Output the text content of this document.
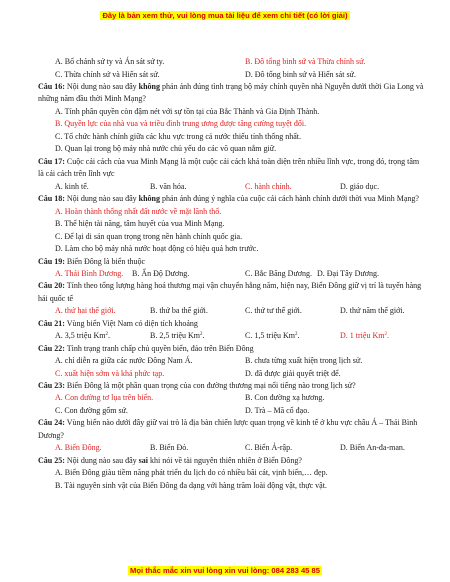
Đây là bản xem thử, vui lòng mua tài liệu để xem chi tiết (có lời giải)
A. Bổ chánh sứ ty và Án sát sứ ty.	B. Đô tổng binh sứ và Thừa chính sứ.
C. Thừa chính sứ và Hiến sát sứ.	D. Đô tổng binh sứ và Hiến sát sứ.
Câu 16: Nội dung nào sau đây không phản ánh đúng tình trạng bộ máy chính quyền nhà Nguyễn dưới thời Gia Long và những năm đầu thời Minh Mạng?
A. Tính phân quyền còn đậm nét với sự tồn tại của Bắc Thành và Gia Định Thành.
B. Quyền lực của nhà vua và triều đình trung ương được tăng cường tuyệt đối.
C. Tổ chức hành chính giữa các khu vực trong cả nước thiếu tính thống nhất.
D. Quan lại trong bộ máy nhà nước chủ yếu do các võ quan nắm giữ.
Câu 17: Cuộc cải cách của vua Minh Mạng là một cuộc cải cách khá toàn diện trên nhiều lĩnh vực, trong đó, trọng tâm là cải cách trên lĩnh vực
A. kinh tế.	B. văn hóa.	C. hành chính.	D. giáo dục.
Câu 18: Nội dung nào sau đây không phản ánh đúng ý nghĩa của cuộc cải cách hành chính dưới thời vua Minh Mạng?
A. Hoàn thành thống nhất đất nước về mặt lãnh thổ.
B. Thể hiện tài năng, tâm huyết của vua Minh Mạng.
C. Để lại di sản quan trọng trong nền hành chính quốc gia.
D. Làm cho bộ máy nhà nước hoạt động có hiệu quả hơn trước.
Câu 19: Biển Đông là biển thuộc
A. Thái Bình Dương. B. Ấn Độ Dương.	C. Bắc Băng Dương. D. Đại Tây Dương.
Câu 20: Tính theo tổng lượng hàng hoá thương mại vận chuyển hằng năm, hiện nay, Biển Đông giữ vị trí là tuyến hàng hải quốc tế
A. thứ hai thế giới.	B. thứ ba thế giới.	C. thứ tư thế giới.	D. thứ năm thế giới.
Câu 21: Vùng biển Việt Nam có diện tích khoảng
A. 3,5 triệu Km$^2$.	B. 2,5 triệu Km$^2$.	C. 1,5 triệu Km$^2$.	D. 1 triệu Km$^2$.
Câu 22: Tình trạng tranh chấp chủ quyền biển, đảo trên Biển Đông
A. chỉ diễn ra giữa các nước Đông Nam Á.	B. chưa từng xuất hiện trong lịch sử.
C. xuất hiện sớm và khá phức tạp.	D. đã được giải quyết triệt để.
Câu 23: Biển Đông là một phần quan trọng của con đường thương mại nổi tiếng nào trong lịch sử?
A. Con đường tơ lụa trên biển.	B. Con đường xạ hương.
C. Con đường gốm sứ.	D. Trà – Mã cổ đạo.
Câu 24: Vùng biển nào dưới đây giữ vai trò là địa bàn chiến lược quan trọng về kinh tế ở khu vực châu Á – Thái Bình Dương?
A. Biển Đông.	B. Biển Đỏ.	C. Biển Ả-rập.	D. Biển An-đa-man.
Câu 25: Nội dung nào sau đây sai khi nói về tài nguyên thiên nhiên ở Biển Đông?
A. Biển Đông giàu tiềm năng phát triển du lịch do có nhiều bãi cát, vịnh biển,… đẹp.
B. Tài nguyên sinh vật của Biển Đông đa dạng với hàng trăm loài động vật, thực vật.
Mọi thắc mắc xin vui lòng xin vui lòng: 084 283 45 85
